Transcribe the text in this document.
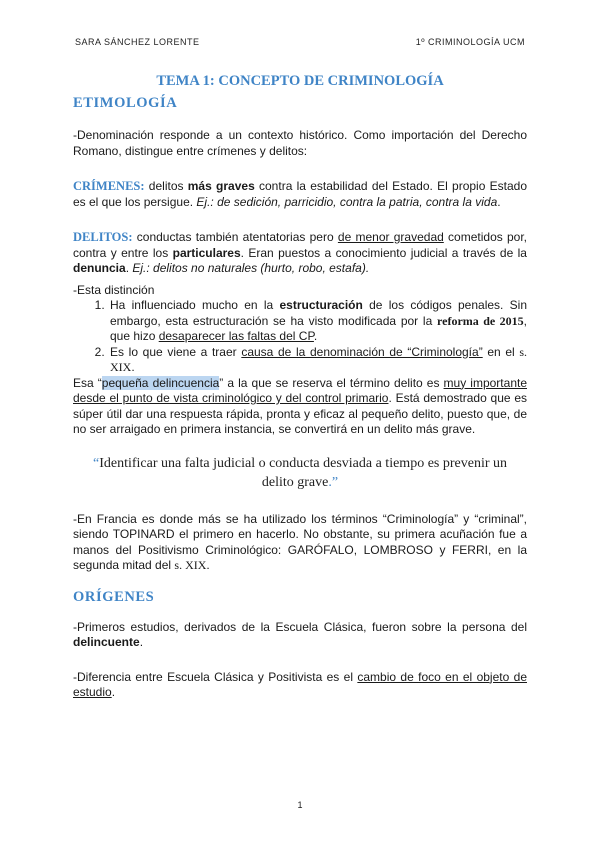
SARA SÁNCHEZ LORENTE	1º CRIMINOLOGÍA UCM
TEMA 1: CONCEPTO DE CRIMINOLOGÍA
ETIMOLOGÍA

-Denominación responde a un contexto histórico. Como importación del Derecho Romano, distingue entre crímenes y delitos:

CRÍMENES: delitos más graves contra la estabilidad del Estado. El propio Estado es el que los persigue. Ej.: de sedición, parricidio, contra la patria, contra la vida.

DELITOS: conductas también atentatorias pero de menor gravedad cometidos por, contra y entre los particulares. Eran puestos a conocimiento judicial a través de la denuncia. Ej.: delitos no naturales (hurto, robo, estafa).

-Esta distinción

1. Ha influenciado mucho en la estructuración de los códigos penales. Sin embargo, esta estructuración se ha visto modificada por la reforma de 2015, que hizo desaparecer las faltas del CP.
2. Es lo que viene a traer causa de la denominación de “Criminología” en el s. XIX.

Esa “pequeña delincuencia” a la que se reserva el término delito es muy importante desde el punto de vista criminológico y del control primario. Está demostrado que es súper útil dar una respuesta rápida, pronta y eficaz al pequeño delito, puesto que, de no ser arraigado en primera instancia, se convertirá en un delito más grave.

“Identificar una falta judicial o conducta desviada a tiempo es prevenir un delito grave.”

-En Francia es donde más se ha utilizado los términos “Criminología” y “criminal”, siendo TOPINARD el primero en hacerlo. No obstante, su primera acuñación fue a manos del Positivismo Criminológico: GARÓFALO, LOMBROSO y FERRI, en la segunda mitad del s. XIX.

ORÍGENES

-Primeros estudios, derivados de la Escuela Clásica, fueron sobre la persona del delincuente.

-Diferencia entre Escuela Clásica y Positivista es el cambio de foco en el objeto de estudio.

1
